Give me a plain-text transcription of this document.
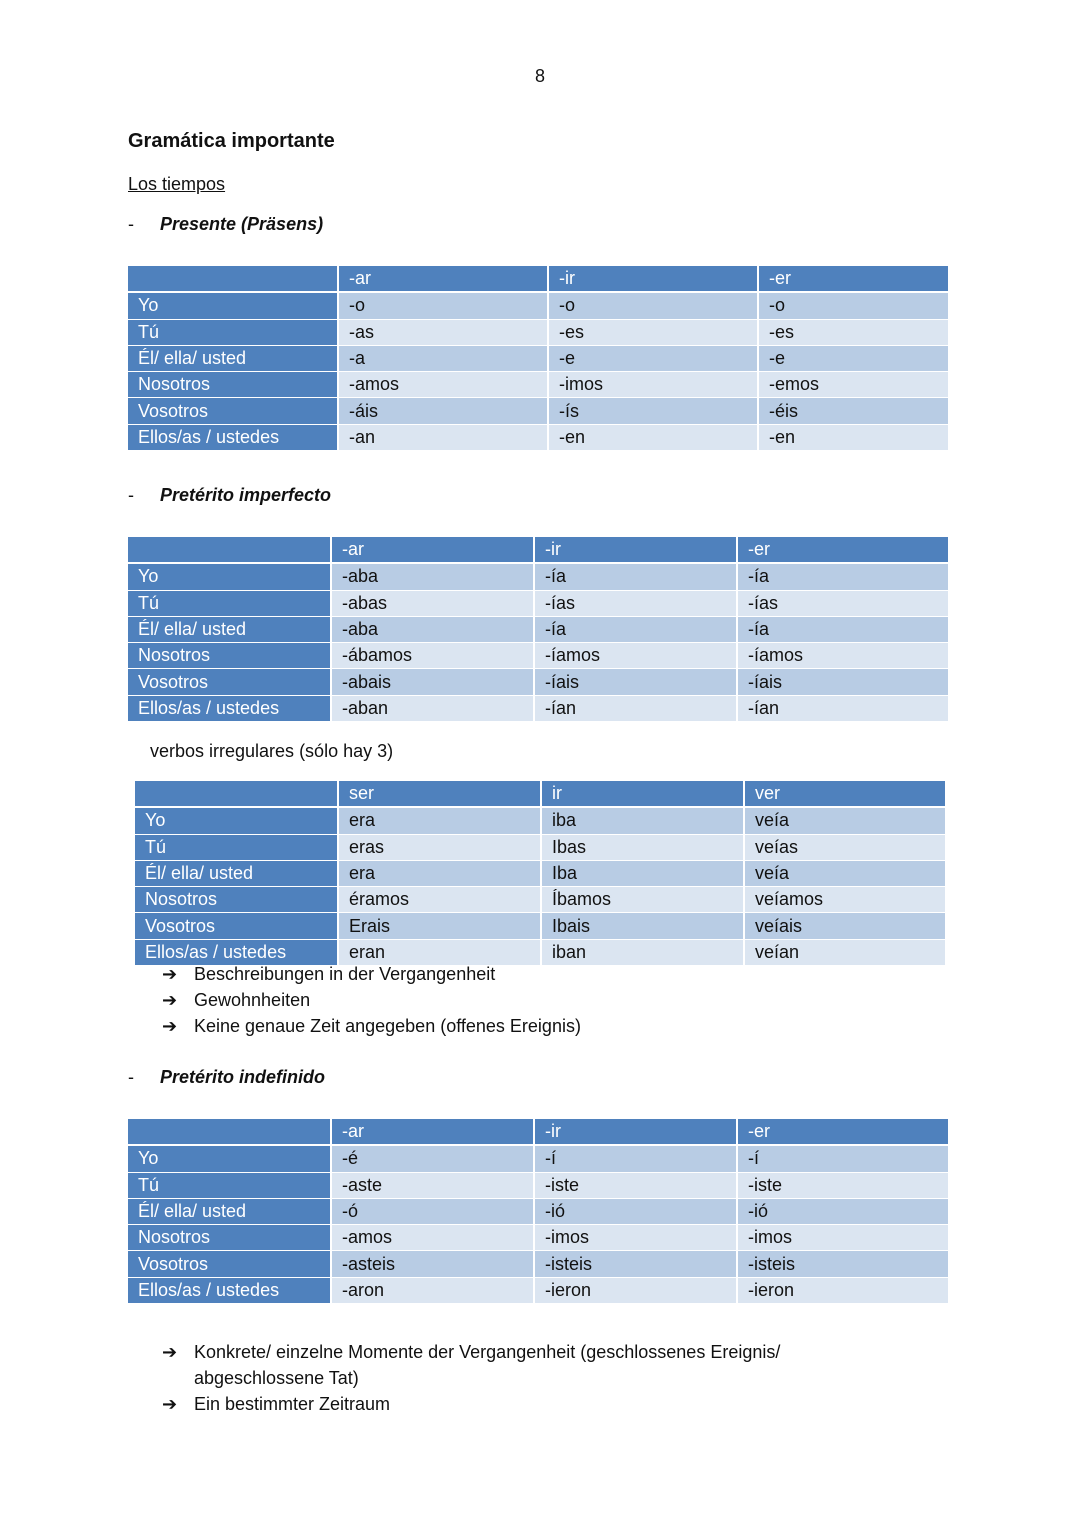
8
Gramática importante
Los tiempos
- Presente (Präsens)
	-ar	-ir	-er
Yo	-o	-o	-o
Tú	-as	-es	-es
Él/ ella/ usted	-a	-e	-e
Nosotros	-amos	-imos	-emos
Vosotros	-áis	-ís	-éis
Ellos/as / ustedes	-an	-en	-en
- Pretérito imperfecto
	-ar	-ir	-er
Yo	-aba	-ía	-ía
Tú	-abas	-ías	-ías
Él/ ella/ usted	-aba	-ía	-ía
Nosotros	-ábamos	-íamos	-íamos
Vosotros	-abais	-íais	-íais
Ellos/as / ustedes	-aban	-ían	-ían
verbos irregulares (sólo hay 3)
	ser	ir	ver
Yo	era	iba	veía
Tú	eras	Ibas	veías
Él/ ella/ usted	era	Iba	veía
Nosotros	éramos	Íbamos	veíamos
Vosotros	Erais	Ibais	veíais
Ellos/as / ustedes	eran	iban	veían
➔ Beschreibungen in der Vergangenheit
➔ Gewohnheiten
➔ Keine genaue Zeit angegeben (offenes Ereignis)
- Pretérito indefinido
	-ar	-ir	-er
Yo	-é	-í	-í
Tú	-aste	-iste	-iste
Él/ ella/ usted	-ó	-ió	-ió
Nosotros	-amos	-imos	-imos
Vosotros	-asteis	-isteis	-isteis
Ellos/as / ustedes	-aron	-ieron	-ieron
➔ Konkrete/ einzelne Momente der Vergangenheit (geschlossenes Ereignis/ abgeschlossene Tat)
➔ Ein bestimmter Zeitraum
